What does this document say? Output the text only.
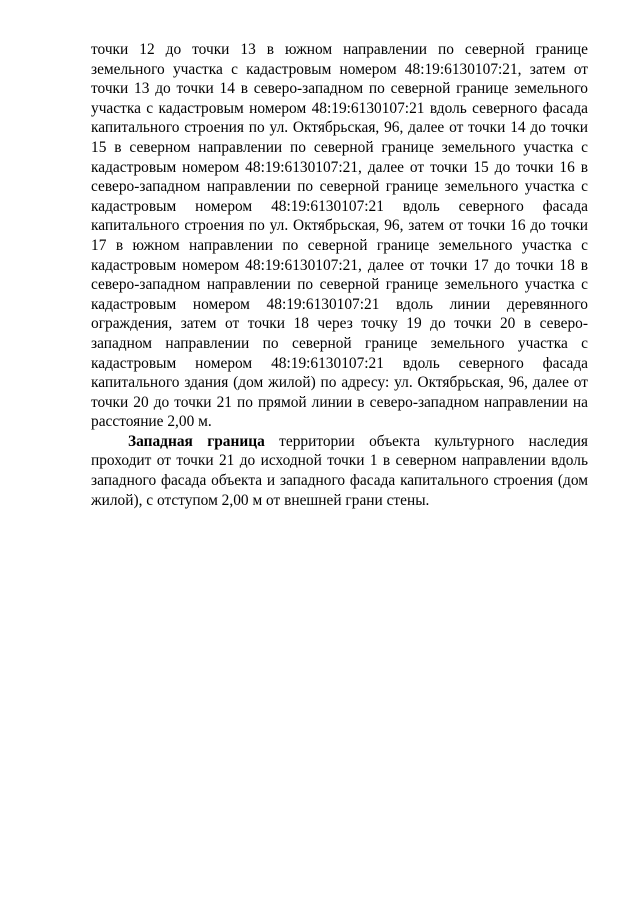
точки 12 до точки 13 в южном направлении по северной границе земельного участка с кадастровым номером 48:19:6130107:21, затем от точки 13 до точки 14 в северо-западном по северной границе земельного участка с кадастровым номером 48:19:6130107:21 вдоль северного фасада капитального строения по ул. Октябрьская, 96, далее от точки 14 до точки 15 в северном направлении по северной границе земельного участка с кадастровым номером 48:19:6130107:21, далее от точки 15 до точки 16 в северо-западном направлении по северной границе земельного участка с кадастровым номером 48:19:6130107:21 вдоль северного фасада капитального строения по ул. Октябрьская, 96, затем от точки 16 до точки 17 в южном направлении по северной границе земельного участка с кадастровым номером 48:19:6130107:21, далее от точки 17 до точки 18 в северо-западном направлении по северной границе земельного участка с кадастровым номером 48:19:6130107:21 вдоль линии деревянного ограждения, затем от точки 18 через точку 19 до точки 20 в северо-западном направлении по северной границе земельного участка с кадастровым номером 48:19:6130107:21 вдоль северного фасада капитального здания (дом жилой) по адресу: ул. Октябрьская, 96, далее от точки 20 до точки 21 по прямой линии в северо-западном направлении на расстояние 2,00 м.

Западная граница территории объекта культурного наследия проходит от точки 21 до исходной точки 1 в северном направлении вдоль западного фасада объекта и западного фасада капитального строения (дом жилой), с отступом 2,00 м от внешней грани стены.
